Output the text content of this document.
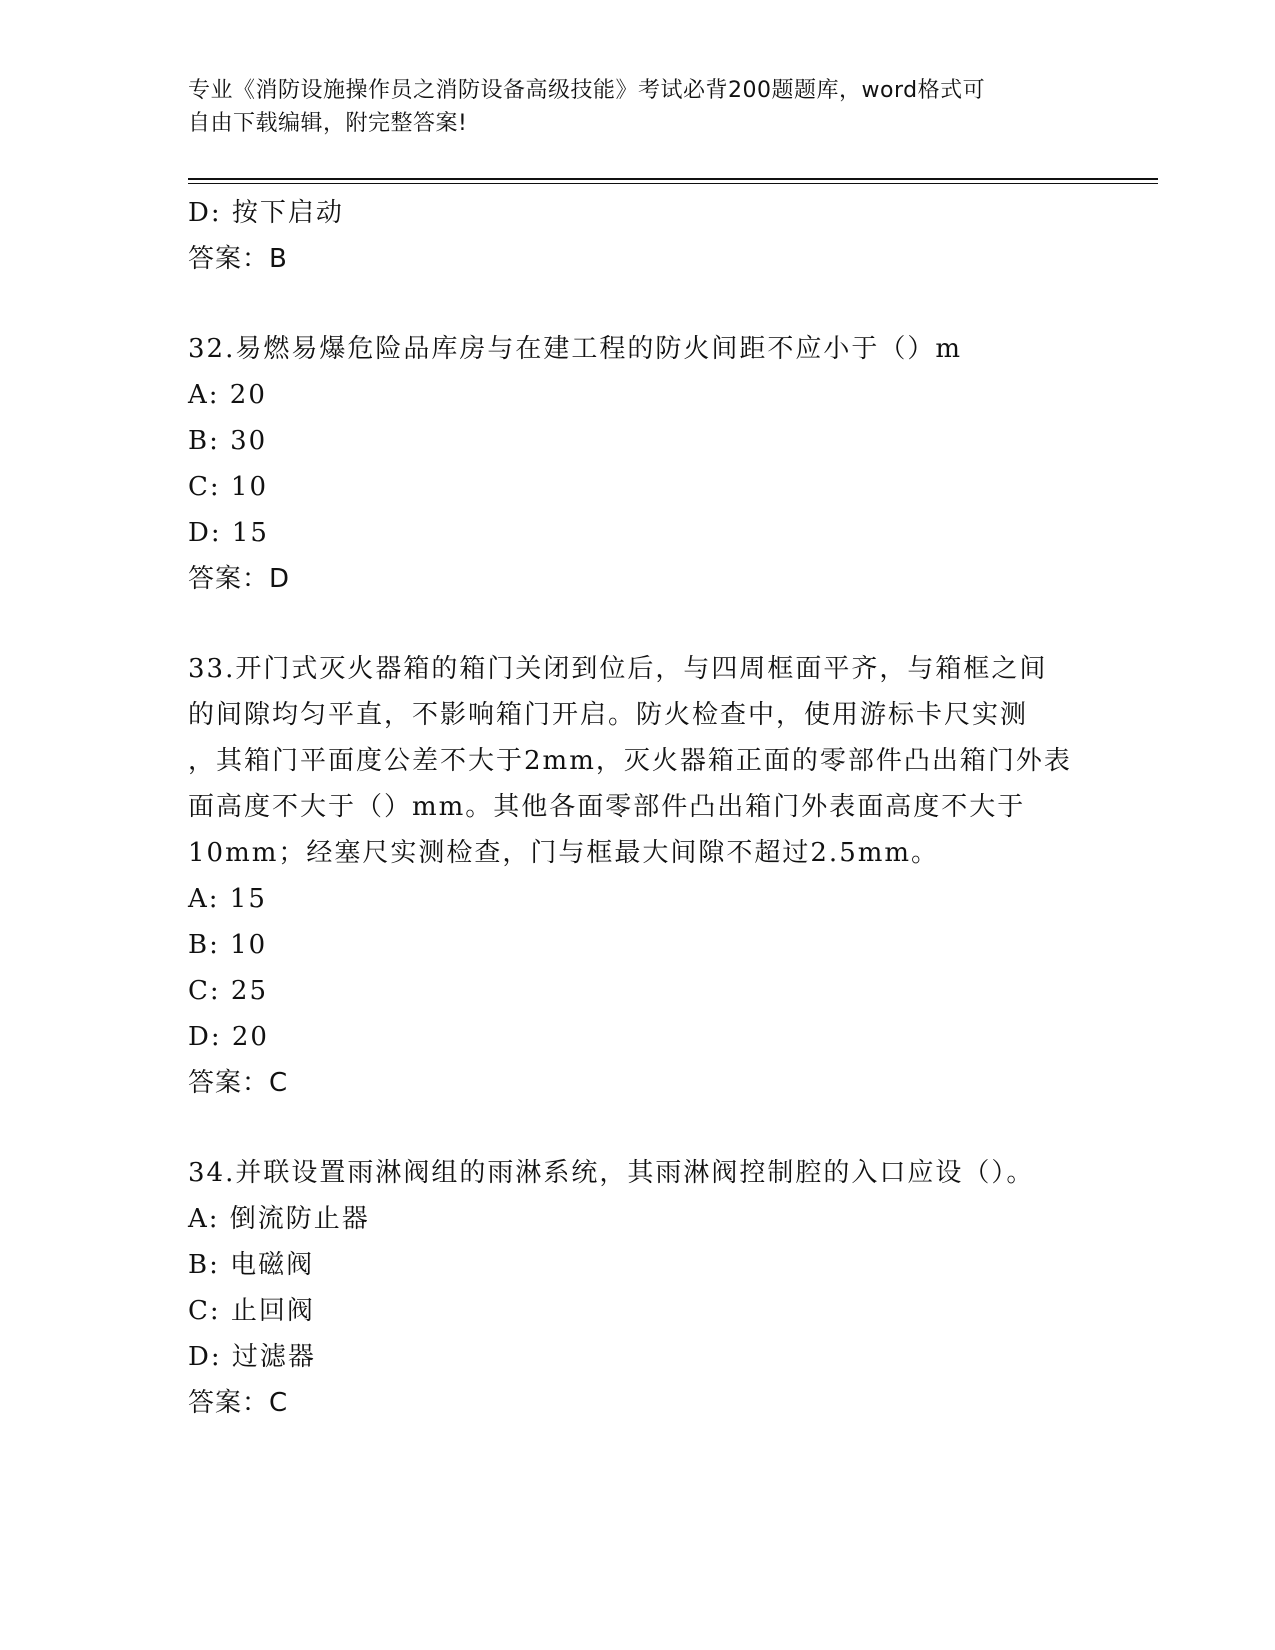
专业《消防设施操作员之消防设备高级技能》考试必背200题题库，word格式可
自由下载编辑，附完整答案!
D: 按下启动
答案：B
32.易燃易爆危险品库房与在建工程的防火间距不应小于（）m
A: 20
B: 30
C: 10
D: 15
答案：D
33.开门式灭火器箱的箱门关闭到位后，与四周框面平齐，与箱框之间
的间隙均匀平直，不影响箱门开启。防火检查中，使用游标卡尺实测
，其箱门平面度公差不大于2mm，灭火器箱正面的零部件凸出箱门外表
面高度不大于（）mm。其他各面零部件凸出箱门外表面高度不大于
10mm；经塞尺实测检查，门与框最大间隙不超过2.5mm。
A: 15
B: 10
C: 25
D: 20
答案：C
34.并联设置雨淋阀组的雨淋系统，其雨淋阀控制腔的入口应设（）。
A: 倒流防止器
B: 电磁阀
C: 止回阀
D: 过滤器
答案：C
